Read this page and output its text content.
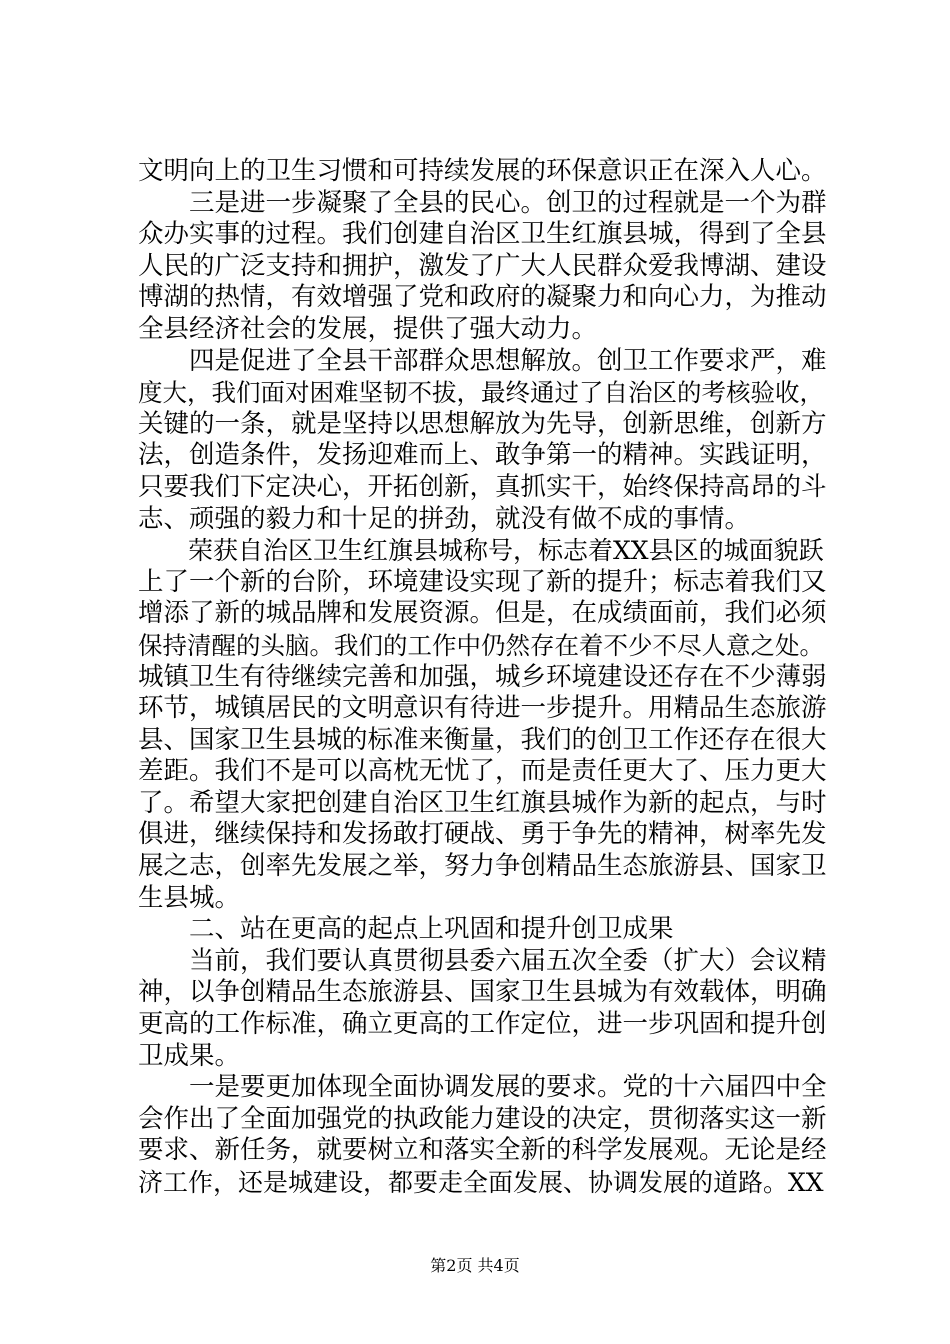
文明向上的卫生习惯和可持续发展的环保意识正在深入人心。
　　三是进一步凝聚了全县的民心。创卫的过程就是一个为群
众办实事的过程。我们创建自治区卫生红旗县城，得到了全县
人民的广泛支持和拥护，激发了广大人民群众爱我博湖、建设
博湖的热情，有效增强了党和政府的凝聚力和向心力，为推动
全县经济社会的发展，提供了强大动力。
　　四是促进了全县干部群众思想解放。创卫工作要求严，难
度大，我们面对困难坚韧不拔，最终通过了自治区的考核验收，
关键的一条，就是坚持以思想解放为先导，创新思维，创新方
法，创造条件，发扬迎难而上、敢争第一的精神。实践证明，
只要我们下定决心，开拓创新，真抓实干，始终保持高昂的斗
志、顽强的毅力和十足的拼劲，就没有做不成的事情。
　　荣获自治区卫生红旗县城称号，标志着XX县区的城面貌跃
上了一个新的台阶，环境建设实现了新的提升；标志着我们又
增添了新的城品牌和发展资源。但是，在成绩面前，我们必须
保持清醒的头脑。我们的工作中仍然存在着不少不尽人意之处。
城镇卫生有待继续完善和加强，城乡环境建设还存在不少薄弱
环节，城镇居民的文明意识有待进一步提升。用精品生态旅游
县、国家卫生县城的标准来衡量，我们的创卫工作还存在很大
差距。我们不是可以高枕无忧了，而是责任更大了、压力更大
了。希望大家把创建自治区卫生红旗县城作为新的起点，与时
俱进，继续保持和发扬敢打硬战、勇于争先的精神，树率先发
展之志，创率先发展之举，努力争创精品生态旅游县、国家卫
生县城。
　　二、站在更高的起点上巩固和提升创卫成果
　　当前，我们要认真贯彻县委六届五次全委（扩大）会议精
神，以争创精品生态旅游县、国家卫生县城为有效载体，明确
更高的工作标准，确立更高的工作定位，进一步巩固和提升创
卫成果。
　　一是要更加体现全面协调发展的要求。党的十六届四中全
会作出了全面加强党的执政能力建设的决定，贯彻落实这一新
要求、新任务，就要树立和落实全新的科学发展观。无论是经
济工作，还是城建设，都要走全面发展、协调发展的道路。XX
第2页 共4页
